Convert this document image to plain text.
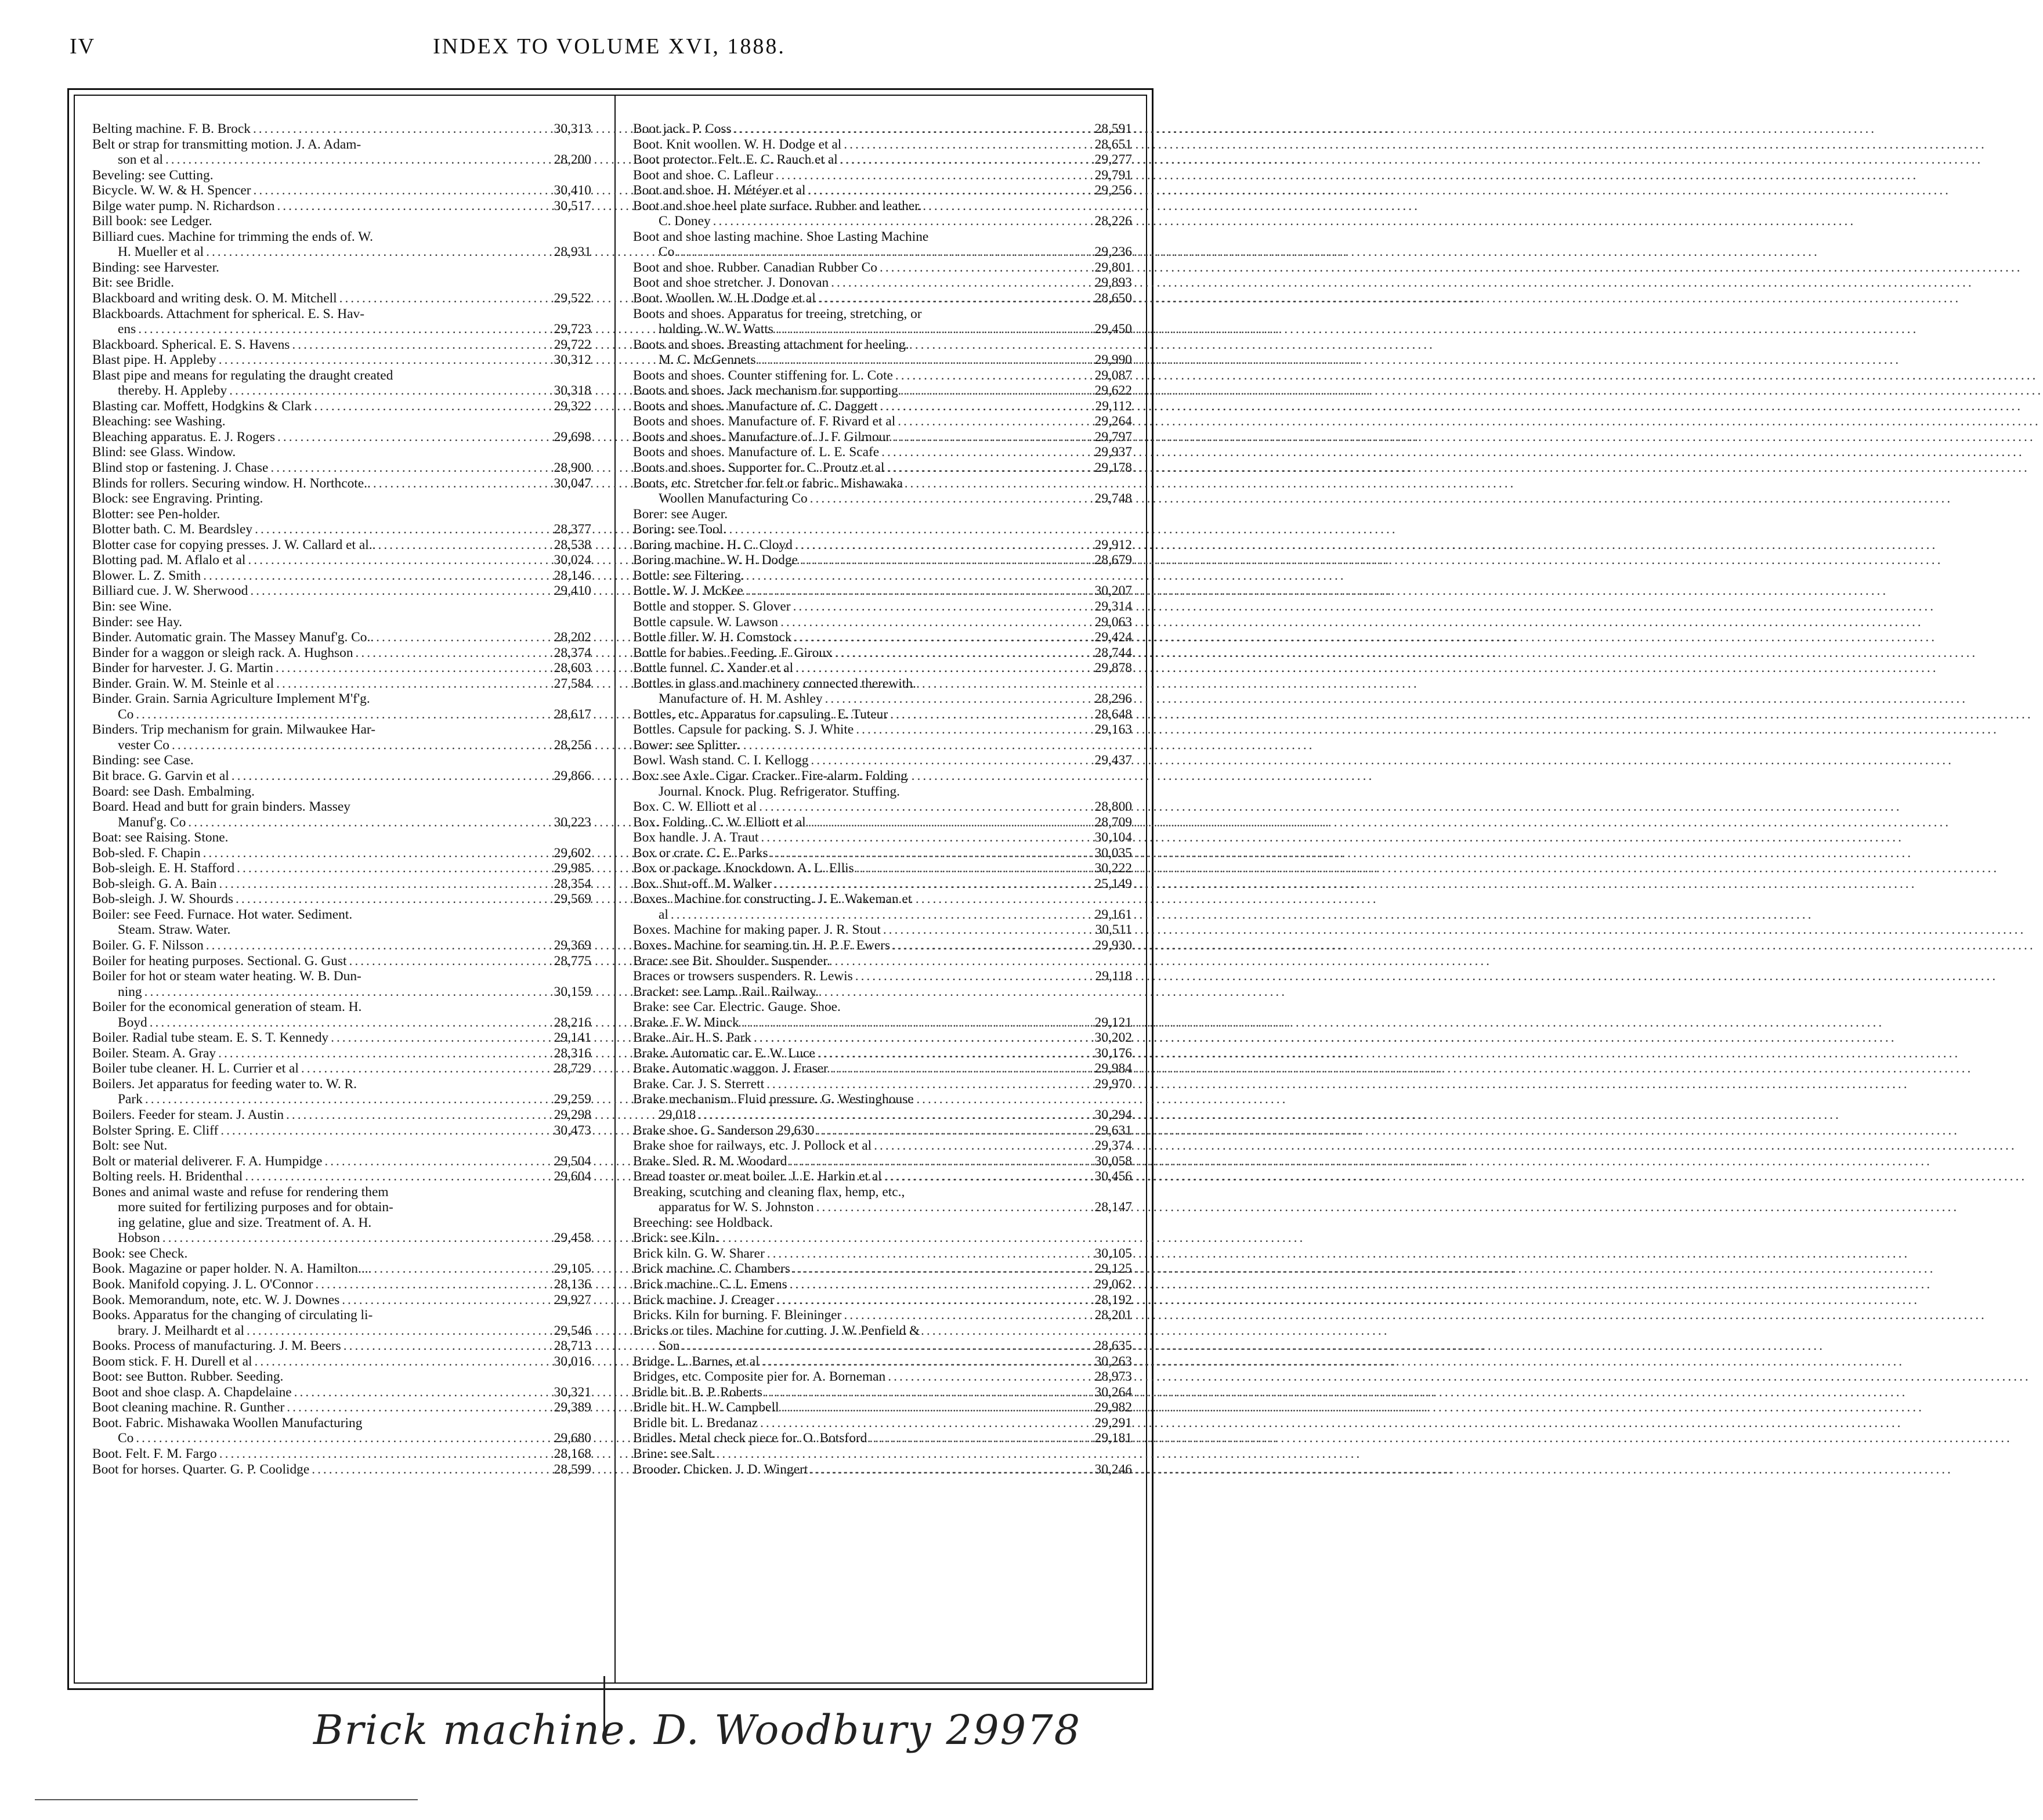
IV	INDEX TO VOLUME XVI, 1888.
Belting machine. F. B. Brock .....	30,313
Belt or strap for transmitting motion. J. A. Adam-
son et al .....	28,200
Beveling: see Cutting.
Bicycle. W. W. & H. Spencer .....	30,410
Bilge water pump. N. Richardson .....	30,517
Bill book: see Ledger.
Billiard cues. Machine for trimming the ends of. W.
H. Mueller et al .....	28,931
Binding: see Harvester.
Bit: see Bridle.
Blackboard and writing desk. O. M. Mitchell .....	29,522
Blackboards. Attachment for spherical. E. S. Hav-
ens .....	29,723
Blackboard. Spherical. E. S. Havens .....	29,722
Blast pipe. H. Appleby .....	30,312
Blast pipe and means for regulating the draught created
thereby. H. Appleby .....	30,318
Blasting car. Moffett, Hodgkins & Clark .....	29,322
Bleaching: see Washing.
Bleaching apparatus. E. J. Rogers .....	29,698
Blind: see Glass. Window.
Blind stop or fastening. J. Chase .....	28,900
Blinds for rollers. Securing window. H. Northcote.. .....	30,047
Block: see Engraving. Printing.
Blotter: see Pen-holder.
Blotter bath. C. M. Beardsley .....	28,377
Blotter case for copying presses. J. W. Callard et al.. .....	28,538
Blotting pad. M. Aflalo et al .....	30,024
Blower. L. Z. Smith .....	28,146
Billiard cue. J. W. Sherwood .....	29,410
Bin: see Wine.
Binder: see Hay.
Binder. Automatic grain. The Massey Manuf'g. Co.. .....	28,202
Binder for a waggon or sleigh rack. A. Hughson .....	28,374
Binder for harvester. J. G. Martin .....	28,603
Binder. Grain. W. M. Steinle et al .....	27,584
Binder. Grain. Sarnia Agriculture Implement M'f'g.
Co .....	28,617
Binders. Trip mechanism for grain. Milwaukee Har-
vester Co .....	28,256
Binding: see Case.
Bit brace. G. Garvin et al .....	29,866
Board: see Dash. Embalming.
Board. Head and butt for grain binders. Massey
Manuf'g. Co .....	30,223
Boat: see Raising. Stone.
Bob-sled. F. Chapin .....	29,602
Bob-sleigh. E. H. Stafford .....	29,985
Bob-sleigh. G. A. Bain .....	28,354
Bob-sleigh. J. W. Shourds .....	29,569
Boiler: see Feed. Furnace. Hot water. Sediment.
Steam. Straw. Water.
Boiler. G. F. Nilsson .....	29,369
Boiler for heating purposes. Sectional. G. Gust .....	28,775
Boiler for hot or steam water heating. W. B. Dun-
ning .....	30,159
Boiler for the economical generation of steam. H.
Boyd .....	28,216
Boiler. Radial tube steam. E. S. T. Kennedy .....	29,141
Boiler. Steam. A. Gray .....	28,316
Boiler tube cleaner. H. L. Currier et al .....	28,729
Boilers. Jet apparatus for feeding water to. W. R.
Park .....	29,259
Boilers. Feeder for steam. J. Austin .....	29,298
Bolster Spring. E. Cliff .....	30,473
Bolt: see Nut.
Bolt or material deliverer. F. A. Humpidge .....	29,504
Bolting reels. H. Bridenthal .....	29,604
Bones and animal waste and refuse for rendering them
more suited for fertilizing purposes and for obtain-
ing gelatine, glue and size. Treatment of. A. H.
Hobson .....	29,458
Book: see Check.
Book. Magazine or paper holder. N. A. Hamilton.... .....	29,105
Book. Manifold copying. J. L. O'Connor .....	28,136
Book. Memorandum, note, etc. W. J. Downes .....	29,927
Books. Apparatus for the changing of circulating li-
brary. J. Meilhardt et al .....	29,546
Books. Process of manufacturing. J. M. Beers .....	28,713
Boom stick. F. H. Durell et al .....	30,016
Boot: see Button. Rubber. Seeding.
Boot and shoe clasp. A. Chapdelaine .....	30,321
Boot cleaning machine. R. Gunther .....	29,389
Boot. Fabric. Mishawaka Woollen Manufacturing
Co .....	29,680
Boot. Felt. F. M. Fargo .....	28,168
Boot for horses. Quarter. G. P. Coolidge .....	28,599
Boot jack. P. Coss .....	28,591
Boot. Knit woollen. W. H. Dodge et al .....	28,651
Boot protector. Felt. E. C. Rauch et al .....	29,277
Boot and shoe. C. Lafleur .....	29,791
Boot and shoe. H. Météyer et al .....	29,256
Boot and shoe heel plate surface. Rubber and leather.
C. Doney .....	28,226
Boot and shoe lasting machine. Shoe Lasting Machine
Co .....	29,236
Boot and shoe. Rubber. Canadian Rubber Co .....	29,801
Boot and shoe stretcher. J. Donovan .....	29,893
Boot. Woollen. W. H. Dodge et al .....	28,650
Boots and shoes. Apparatus for treeing, stretching, or
holding. W. W. Watts .....	29,450
Boots and shoes. Breasting attachment for heeling.
M. C. McGennets .....	29,990
Boots and shoes. Counter stiffening for. L. Cote .....	29,087
Boots and shoes. Jack mechanism for supporting .....	29,622
Boots and shoes. Manufacture of. C. Daggett .....	29,112
Boots and shoes. Manufacture of. F. Rivard et al .....	29,264
Boots and shoes. Manufacture of. J. F. Gilmour .....	29,797
Boots and shoes. Manufacture of. L. E. Scafe .....	29,937
Boots and shoes. Supporter for. C. Proutz et al .....	29,178
Boots, etc. Stretcher for felt or fabric. Mishawaka
Woollen Manufacturing Co .....	29,748
Borer: see Auger.
Boring: see Tool.
Boring machine. H. C. Cloyd .....	29,912
Boring machine. W. H. Dodge .....	28,679
Bottle: see Filtering.
Bottle. W. J. McKee .....	30,207
Bottle and stopper. S. Glover .....	29,314
Bottle capsule. W. Lawson .....	29,063
Bottle filler. W. H. Comstock .....	29,424
Bottle for babies. Feeding. F. Giroux .....	28,744
Bottle funnel. C. Xander et al .....	29,878
Bottles in glass and machinery connected therewith.
Manufacture of. H. M. Ashley .....	28,296
Bottles, etc. Apparatus for capsuling. E. Tuteur .....	28,648
Bottles. Capsule for packing. S. J. White .....	29,163
Bower: see Splitter.
Bowl. Wash stand. C. I. Kellogg .....	29,437
Box: see Axle. Cigar. Cracker. Fire-alarm. Folding
Journal. Knock. Plug. Refrigerator. Stuffing.
Box. C. W. Elliott et al .....	28,800
Box. Folding. C. W. Elliott et al .....	28,709
Box handle. J. A. Traut .....	30,104
Box or crate. C. E. Parks .....	30,035
Box or package. Knockdown. A. L. Ellis .....	30,222
Box. Shut-off. M. Walker .....	25,149
Boxes. Machine for constructing. J. E. Wakeman et
al .....	29,161
Boxes. Machine for making paper. J. R. Stout .....	30,511
Boxes. Machine for seaming tin. H. P. F. Ewers .....	29,930
Brace: see Bit. Shoulder. Suspender.
Braces or trowsers suspenders. R. Lewis .....	29,118
Bracket: see Lamp. Rail. Railway.
Brake: see Car. Electric. Gauge. Shoe.
Brake. F. W. Minck .....	29,121
Brake. Air. H. S. Park .....	30,202
Brake. Automatic car. E. W. Luce .....	30,176
Brake. Automatic waggon. J. Fraser .....	29,984
Brake. Car. J. S. Sterrett .....	29,970
Brake mechanism. Fluid pressure. G. Westinghouse
29,018 .....	30,294
Brake shoe. G. Sanderson 29,630 .....	29,631
Brake shoe for railways, etc. J. Pollock et al .....	29,374
Brake. Sled. R. M. Woodard .....	30,058
Bread toaster or meat boiler. J. E. Harkin et al .....	30,456
Breaking, scutching and cleaning flax, hemp, etc.,
apparatus for W. S. Johnston .....	28,147
Breeching: see Holdback.
Brick: see Kiln.
Brick kiln. G. W. Sharer .....	30,105
Brick machine. C. Chambers .....	29,125
Brick machine. C. L. Emens .....	29,062
Brick machine. J. Creager .....	28,192
Bricks. Kiln for burning. F. Bleininger .....	28,201
Bricks or tiles. Machine for cutting. J. W. Penfield &
Son .....	28,635
Bridge. L. Barnes, et al .....	30,263
Bridges, etc. Composite pier for. A. Borneman .....	28,973
Bridle bit. B. P. Roberts .....	30,264
Bridle bit. H. W. Campbell .....	29,982
Bridle bit. L. Bredanaz .....	29,291
Bridles. Metal check piece for. O. Botsford .....	29,181
Brine: see Salt.
Brooder. Chicken. J. D. Wingert .....	30,246
Brick machine. D. Woodbury 29978
